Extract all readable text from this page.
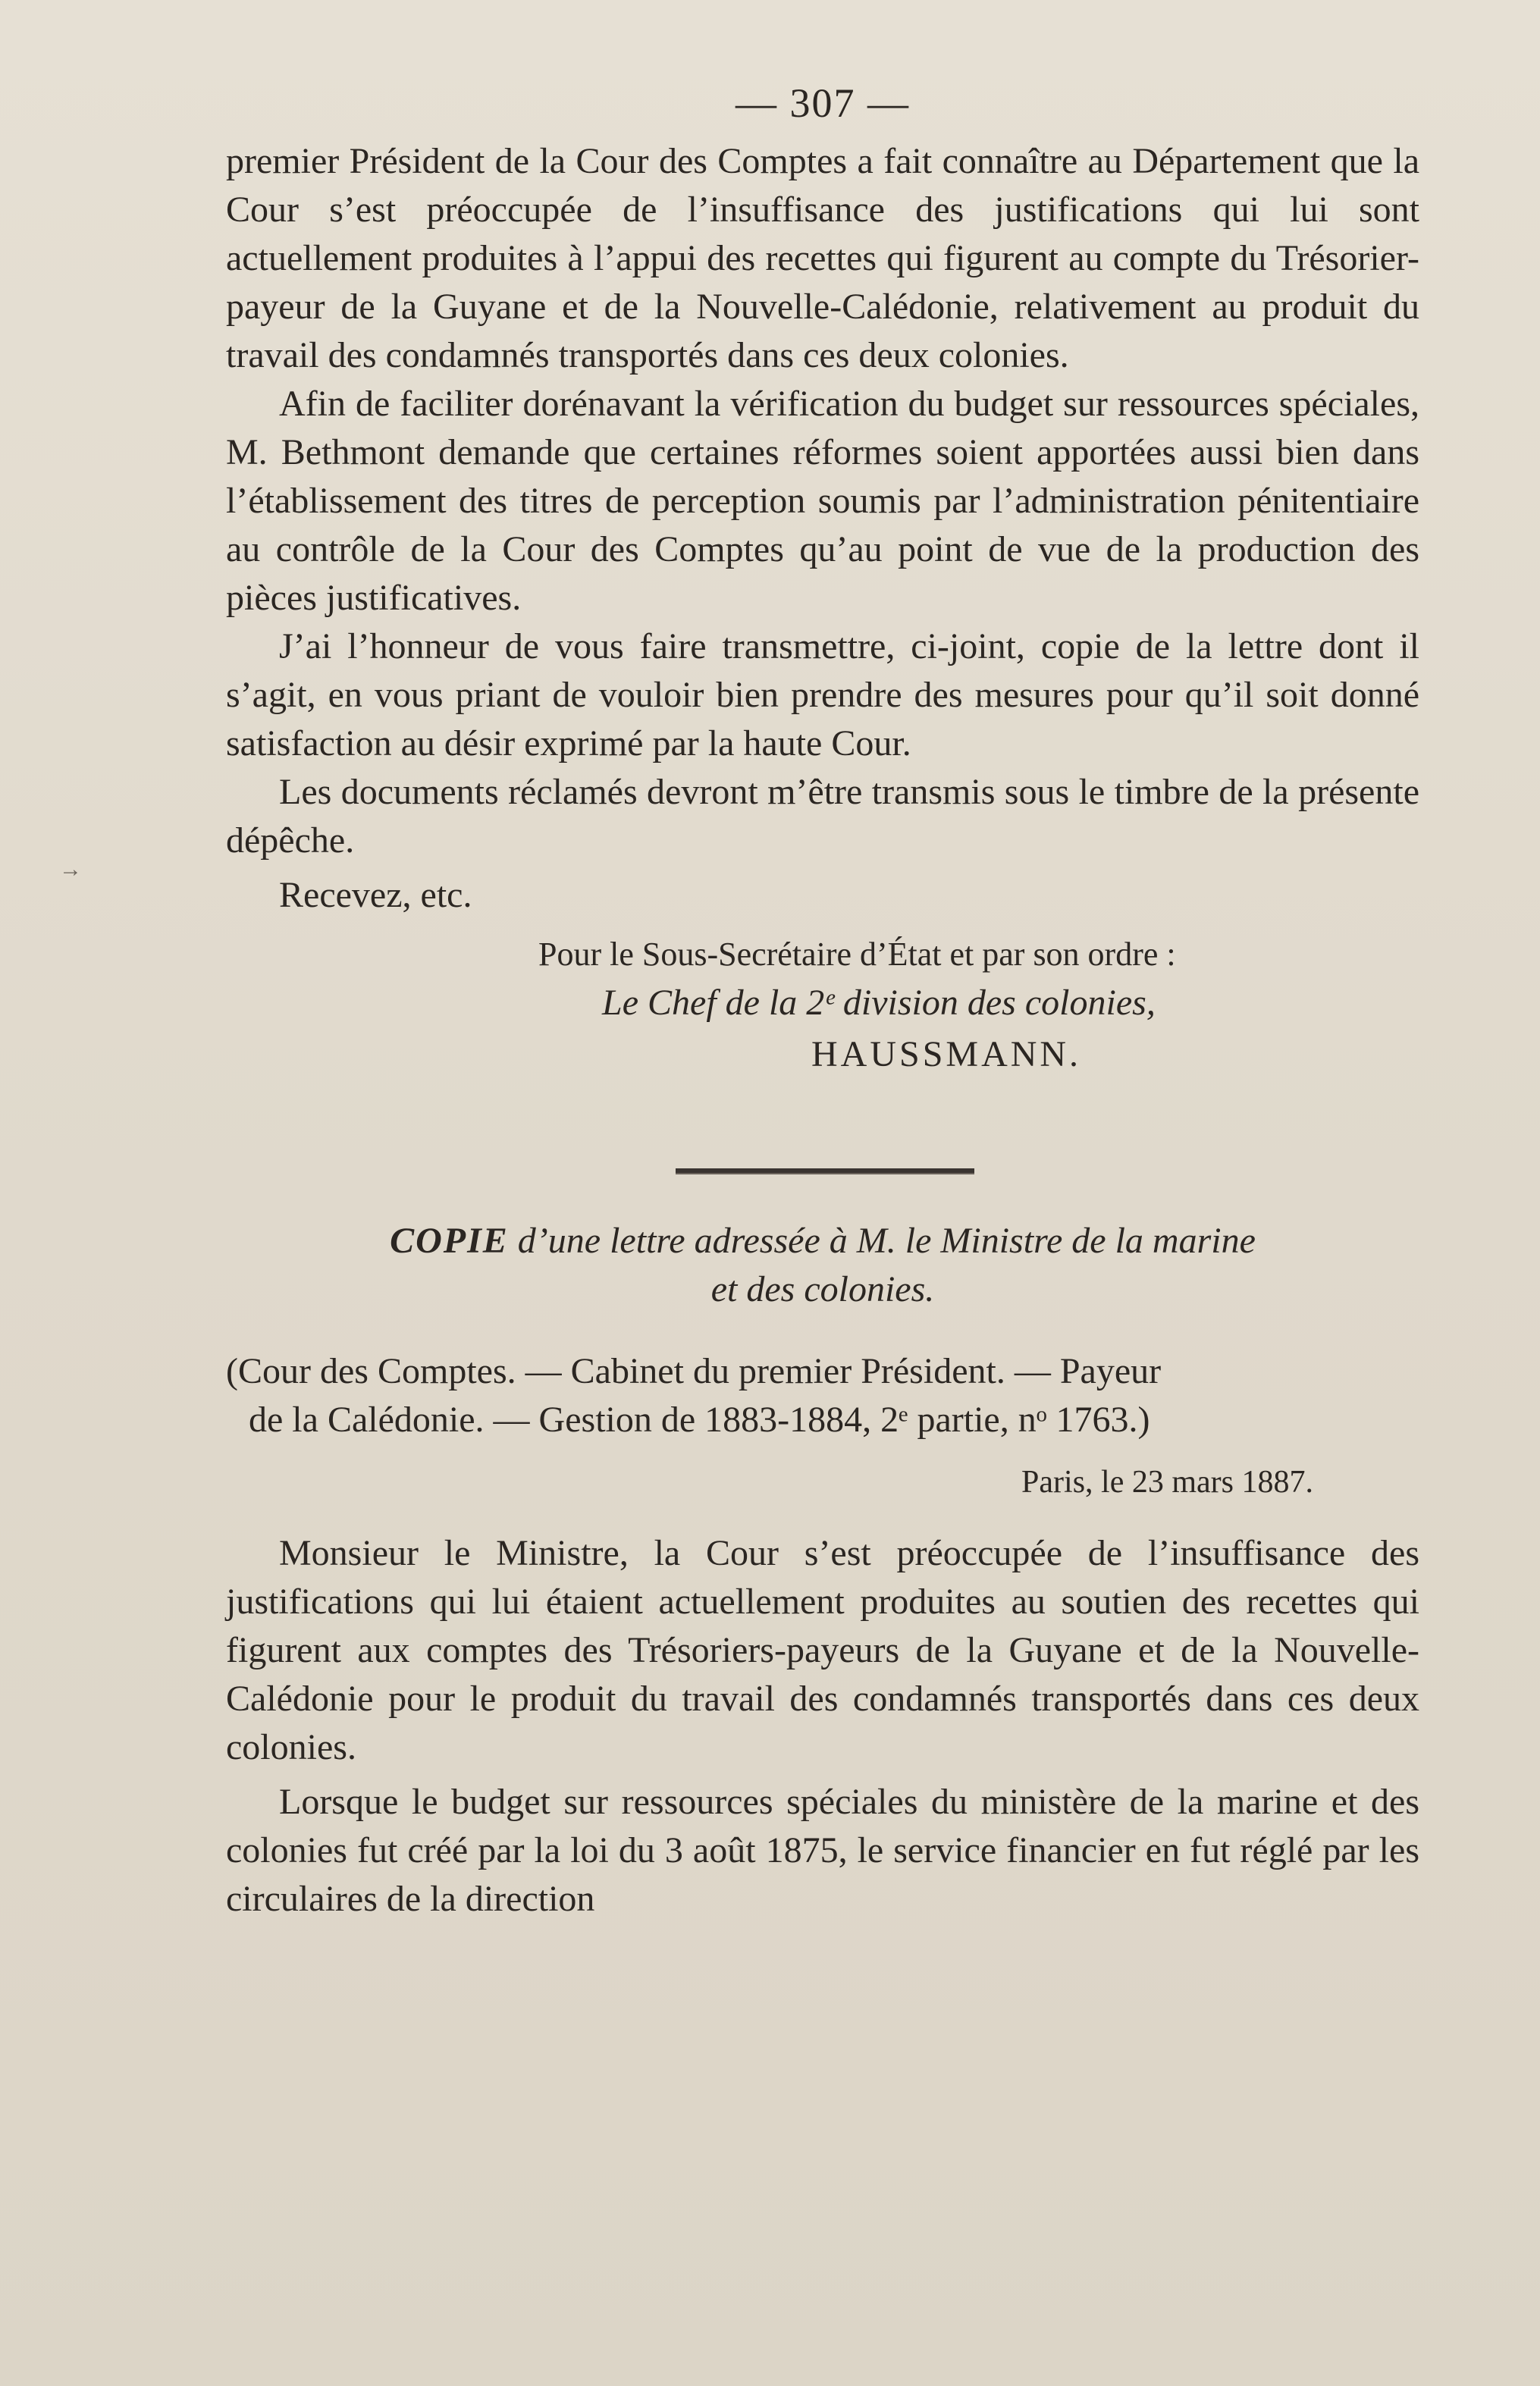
→
— 307 —

premier Président de la Cour des Comptes a fait connaître au Département que la Cour s’est préoccupée de l’insuffisance des justifications qui lui sont actuellement produites à l’appui des recettes qui figurent au compte du Trésorier-payeur de la Guyane et de la Nouvelle-Calédonie, relativement au produit du travail des condamnés transportés dans ces deux colonies.

Afin de faciliter dorénavant la vérification du budget sur ressources spéciales, M. Bethmont demande que certaines réformes soient apportées aussi bien dans l’établissement des titres de perception soumis par l’administration pénitentiaire au contrôle de la Cour des Comptes qu’au point de vue de la production des pièces justificatives.

J’ai l’honneur de vous faire transmettre, ci-joint, copie de la lettre dont il s’agit, en vous priant de vouloir bien prendre des mesures pour qu’il soit donné satisfaction au désir exprimé par la haute Cour.

Les documents réclamés devront m’être transmis sous le timbre de la présente dépêche.

Recevez, etc.

Pour le Sous-Secrétaire d’État et par son ordre :
Le Chef de la 2ᵉ division des colonies,
HAUSSMANN.
COPIE d’une lettre adressée à M. le Ministre de la marine
et des colonies.
(Cour des Comptes. — Cabinet du premier Président. — Payeur
de la Calédonie. — Gestion de 1883-1884, 2ᵉ partie, nᵒ 1763.)
Paris, le 23 mars 1887.

Monsieur le Ministre, la Cour s’est préoccupée de l’insuffisance des justifications qui lui étaient actuellement produites au soutien des recettes qui figurent aux comptes des Trésoriers-payeurs de la Guyane et de la Nouvelle-Calédonie pour le produit du travail des condamnés transportés dans ces deux colonies.

Lorsque le budget sur ressources spéciales du ministère de la marine et des colonies fut créé par la loi du 3 août 1875, le service financier en fut réglé par les circulaires de la direction
